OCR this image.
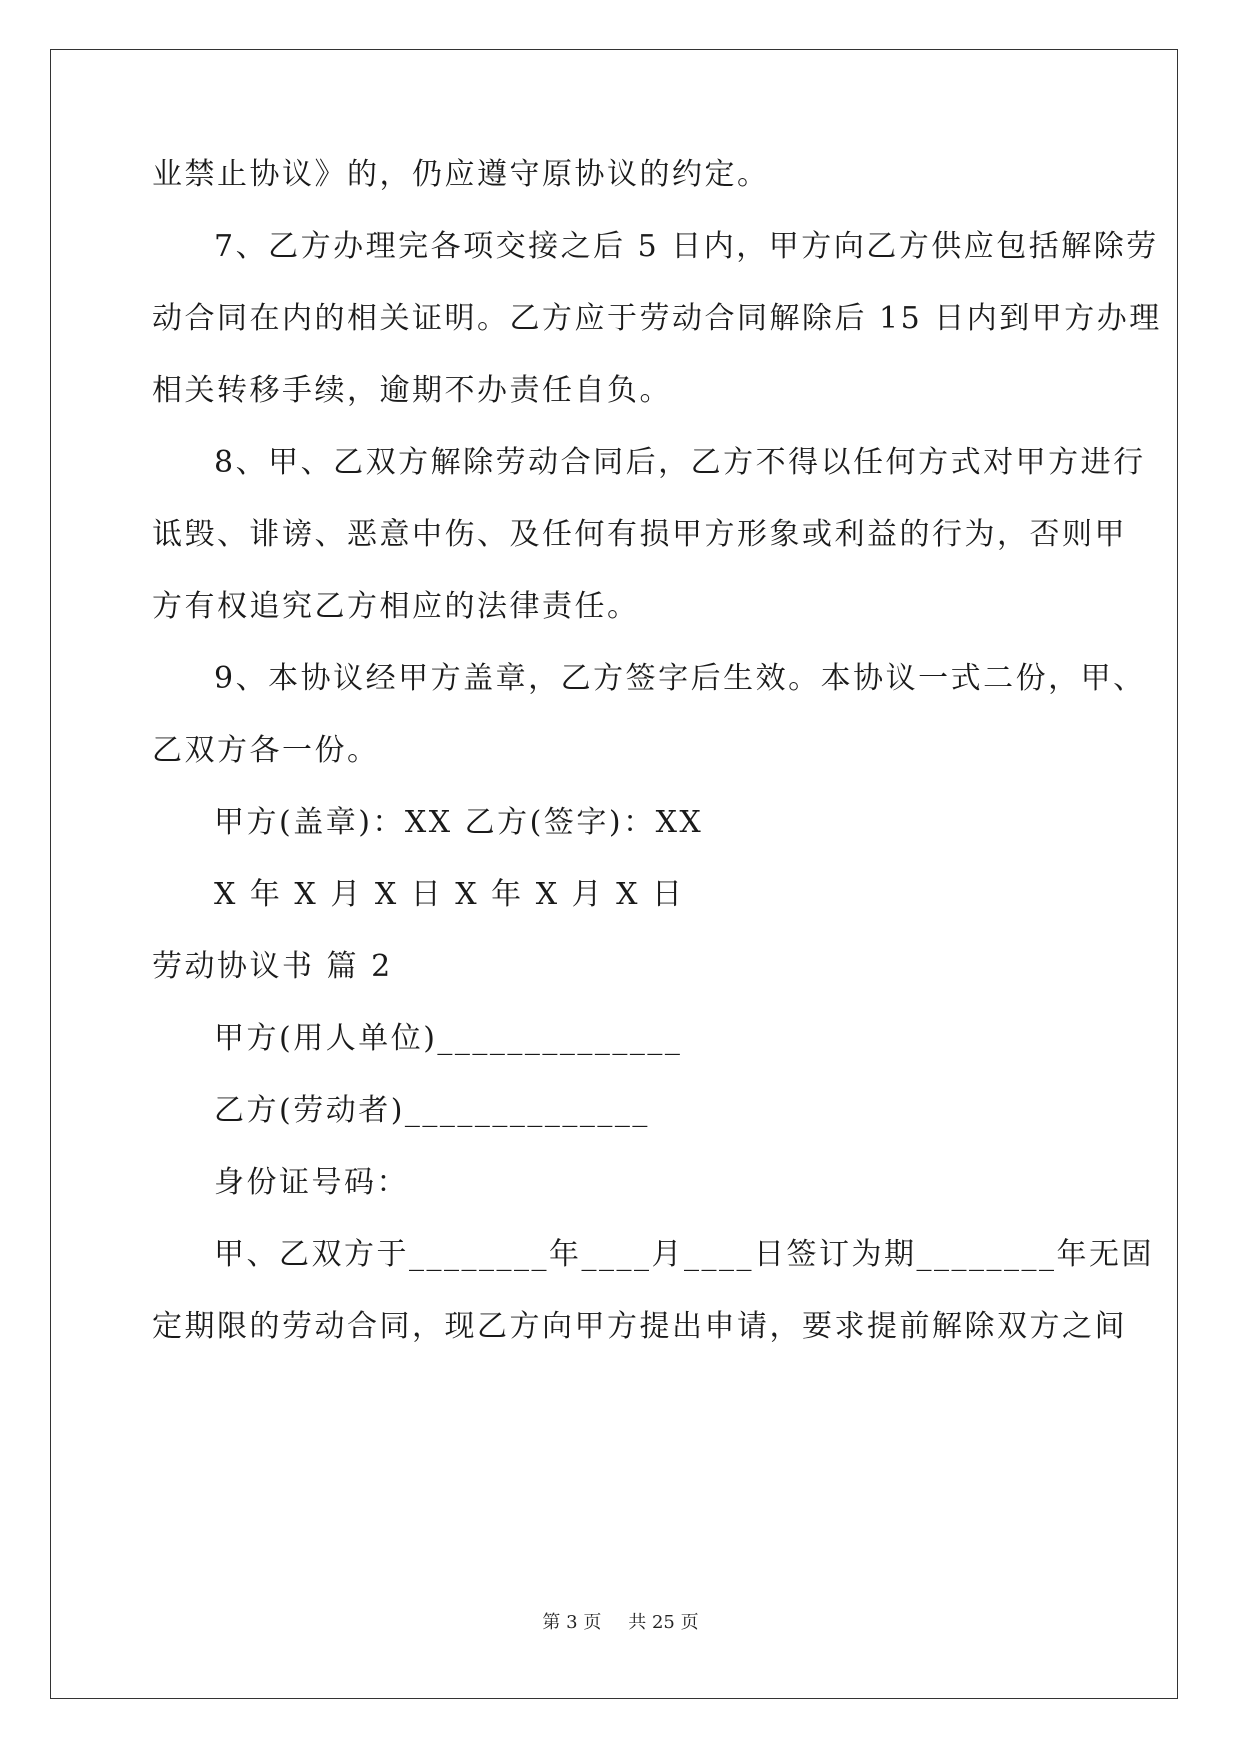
业禁止协议》的，仍应遵守原协议的约定。
7、乙方办理完各项交接之后 5 日内，甲方向乙方供应包括解除劳
动合同在内的相关证明。乙方应于劳动合同解除后 15 日内到甲方办理
相关转移手续，逾期不办责任自负。
8、甲、乙双方解除劳动合同后，乙方不得以任何方式对甲方进行
诋毁、诽谤、恶意中伤、及任何有损甲方形象或利益的行为，否则甲
方有权追究乙方相应的法律责任。
9、本协议经甲方盖章，乙方签字后生效。本协议一式二份，甲、
乙双方各一份。
甲方(盖章)：XX 乙方(签字)：XX
X 年 X 月 X 日 X 年 X 月 X 日
劳动协议书 篇 2
甲方(用人单位)______________
乙方(劳动者)______________
身份证号码：
甲、乙双方于________年____月____日签订为期________年无固
定期限的劳动合同，现乙方向甲方提出申请，要求提前解除双方之间
第 3 页 共 25 页
